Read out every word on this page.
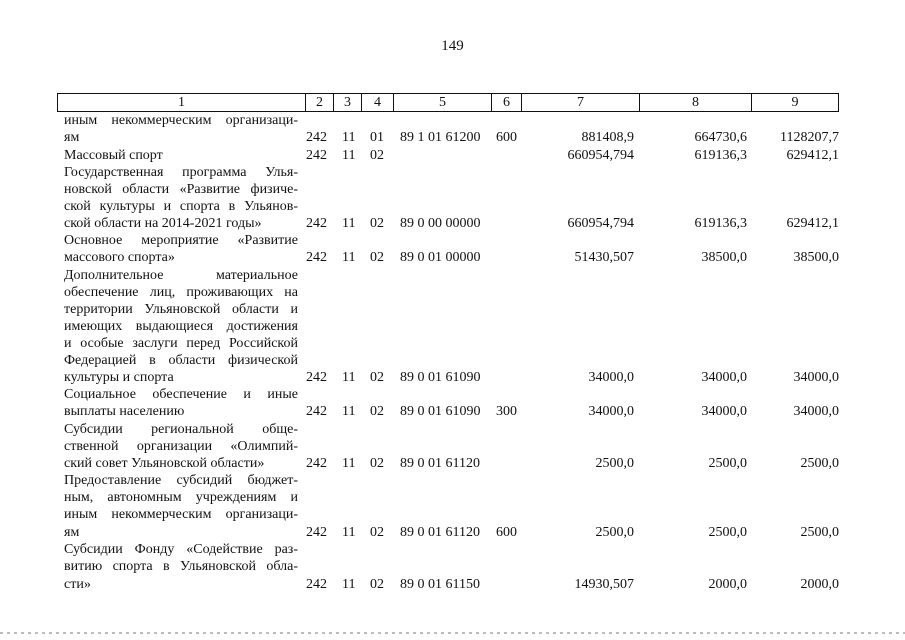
149
1	2	3	4	5	6	7	8	9
иным некоммерческим организаци-
ям	242 11 01 89 1 01 61200 600	881408,9	664730,6	1128207,7
Массовый спорт	242 11 02	660954,794	619136,3	629412,1
Государственная программа Улья-
новской области «Развитие физиче-
ской культуры и спорта в Ульянов-
ской области на 2014-2021 годы»	242 11 02 89 0 00 00000	660954,794	619136,3	629412,1
Основное мероприятие «Развитие
массового спорта»	242 11 02 89 0 01 00000	51430,507	38500,0	38500,0
Дополнительное материальное
обеспечение лиц, проживающих на
территории Ульяновской области и
имеющих выдающиеся достижения
и особые заслуги перед Российской
Федерацией в области физической
культуры и спорта	242 11 02 89 0 01 61090	34000,0	34000,0	34000,0
Социальное обеспечение и иные
выплаты населению	242 11 02 89 0 01 61090 300	34000,0	34000,0	34000,0
Субсидии региональной обще-
ственной организации «Олимпий-
ский совет Ульяновской области»	242 11 02 89 0 01 61120	2500,0	2500,0	2500,0
Предоставление субсидий бюджет-
ным, автономным учреждениям и
иным некоммерческим организаци-
ям	242 11 02 89 0 01 61120 600	2500,0	2500,0	2500,0
Субсидии Фонду «Содействие раз-
витию спорта в Ульяновской обла-
сти»	242 11 02 89 0 01 61150	14930,507	2000,0	2000,0
